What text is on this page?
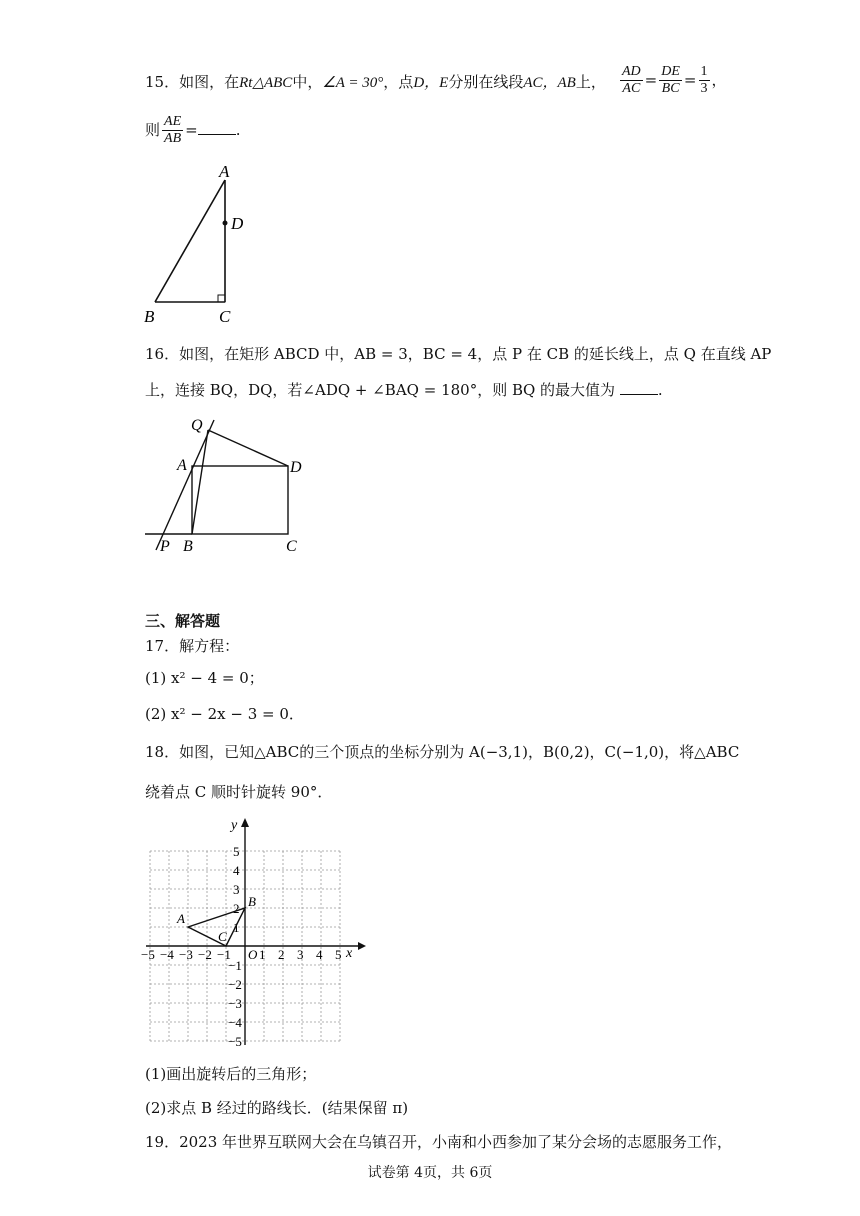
15．如图，在Rt△ABC中，∠A = 30°，点D，E分别在线段AC，AB上， $\frac{AD}{AC} = \frac{DE}{BC} = \frac{1}{3}$ ，
则 $\frac{AE}{AB}$ =	.
A
D
B	C
16．如图，在矩形 ABCD 中，AB = 3，BC = 4，点 P 在 CB 的延长线上，点 Q 在直线 AP
上，连接 BQ，DQ，若∠ADQ + ∠BAQ = 180°，则 BQ 的最大值为	.
Q
A	D
P B	C
三、解答题
17．解方程：
(1) x² − 4 = 0；
(2) x² − 2x − 3 = 0．
18．如图，已知△ABC的三个顶点的坐标分别为 A(−3,1)，B(0,2)，C(−1,0)，将△ABC
绕着点 C 顺时针旋转 90°．
x
y
−5 −4 −3 −2 −1 O 1 2 3 4 5
1
2
3
4
5
−1
−2
−3
−4
−5
A
B
C
(1)画出旋转后的三角形；
(2)求点 B 经过的路线长．(结果保留 π)
19．2023 年世界互联网大会在乌镇召开，小南和小西参加了某分会场的志愿服务工作，
试卷第 4页，共 6页
